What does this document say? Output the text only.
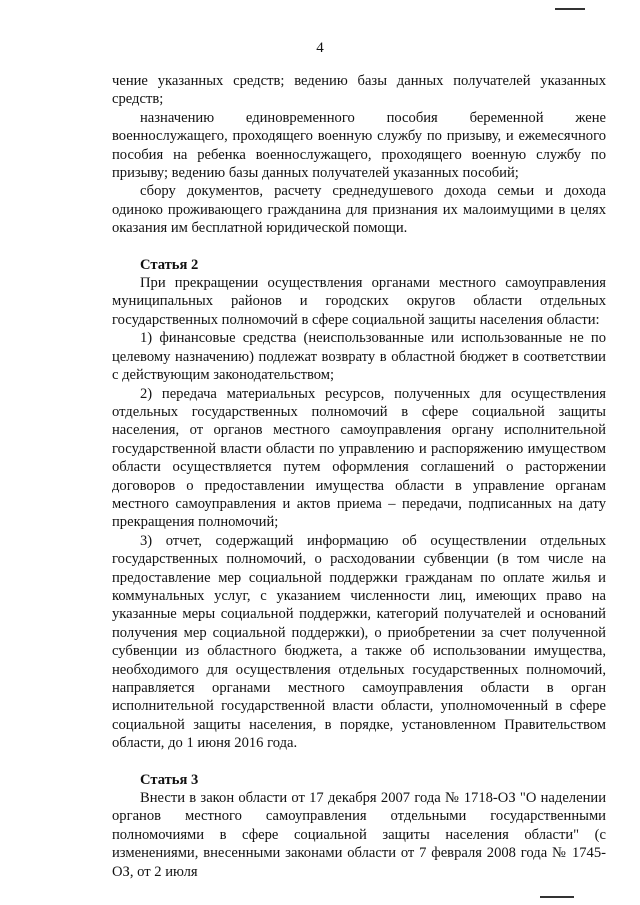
4

чение указанных средств; ведению базы данных получателей указанных средств;

назначению единовременного пособия беременной жене военнослужащего, проходящего военную службу по призыву, и ежемесячного пособия на ребенка военнослужащего, проходящего военную службу по призыву; ведению базы данных получателей указанных пособий;

сбору документов, расчету среднедушевого дохода семьи и дохода одиноко проживающего гражданина для признания их малоимущими в целях оказания им бесплатной юридической помощи.

Статья 2

При прекращении осуществления органами местного самоуправления муниципальных районов и городских округов области отдельных государственных полномочий в сфере социальной защиты населения области:

1) финансовые средства (неиспользованные или использованные не по целевому назначению) подлежат возврату в областной бюджет в соответствии с действующим законодательством;

2) передача материальных ресурсов, полученных для осуществления отдельных государственных полномочий в сфере социальной защиты населения, от органов местного самоуправления органу исполнительной государственной власти области по управлению и распоряжению имуществом области осуществляется путем оформления соглашений о расторжении договоров о предоставлении имущества области в управление органам местного самоуправления и актов приема – передачи, подписанных на дату прекращения полномочий;

3) отчет, содержащий информацию об осуществлении отдельных государственных полномочий, о расходовании субвенции (в том числе на предоставление мер социальной поддержки гражданам по оплате жилья и коммунальных услуг, с указанием численности лиц, имеющих право на указанные меры социальной поддержки, категорий получателей и оснований получения мер социальной поддержки), о приобретении за счет полученной субвенции из областного бюджета, а также об использовании имущества, необходимого для осуществления отдельных государственных полномочий, направляется органами местного самоуправления области в орган исполнительной государственной власти области, уполномоченный в сфере социальной защиты населения, в порядке, установленном Правительством области, до 1 июня 2016 года.

Статья 3

Внести в закон области от 17 декабря 2007 года № 1718-ОЗ "О наделении органов местного самоуправления отдельными государственными полномочиями в сфере социальной защиты населения области" (с изменениями, внесенными законами области от 7 февраля 2008 года № 1745-ОЗ, от 2 июля
